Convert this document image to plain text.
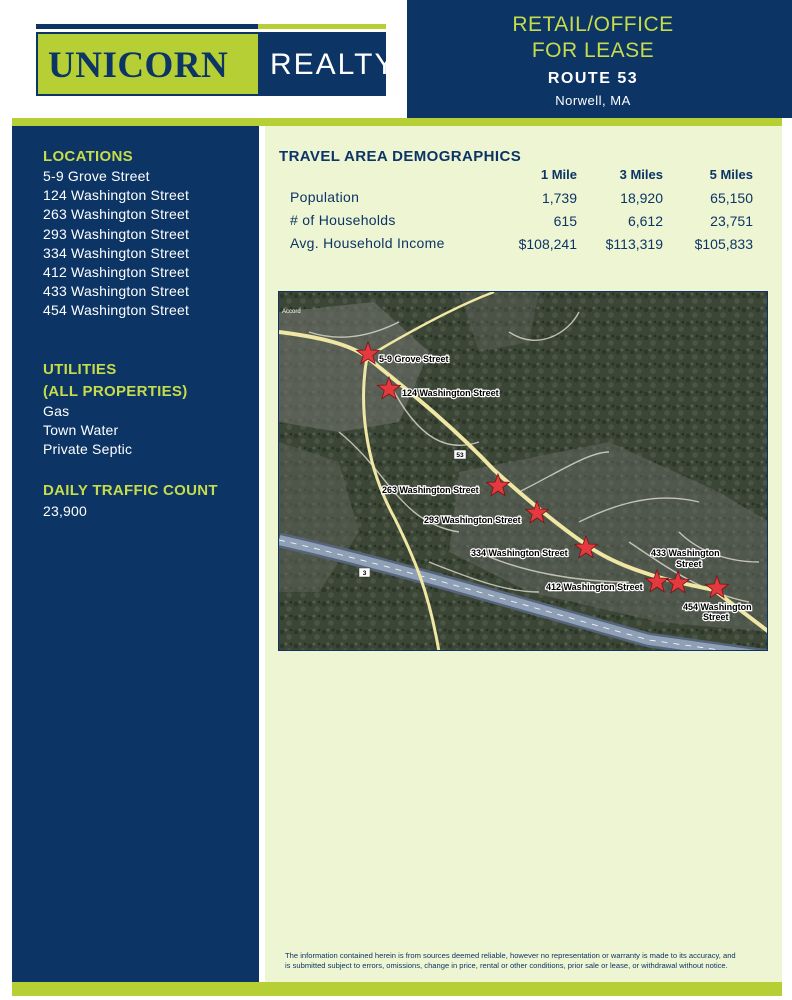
UNICORN REALTY
RETAIL/OFFICE
FOR LEASE
ROUTE 53
Norwell, MA
LOCATIONS
5-9 Grove Street
124 Washington Street
263 Washington Street
293 Washington Street
334 Washington Street
412 Washington Street
433 Washington Street
454 Washington Street
UTILITIES
(ALL PROPERTIES)
Gas
Town Water
Private Septic
DAILY TRAFFIC COUNT
23,900
TRAVEL AREA DEMOGRAPHICS
1 Mile	3 Miles	5 Miles
Population	1,739	18,920	65,150
# of Households	615	6,612	23,751
Avg. Household Income	$108,241	$113,319	$105,833
53
3
Accord
5-9 Grove Street
124 Washington Street
263 Washington Street
293 Washington Street
334 Washington Street
412 Washington Street
433 Washington
Street
454 Washington
Street
The information contained herein is from sources deemed reliable, however no representation or warranty is made to its accuracy, and
is submitted subject to errors, omissions, change in price, rental or other conditions, prior sale or lease, or withdrawal without notice.
